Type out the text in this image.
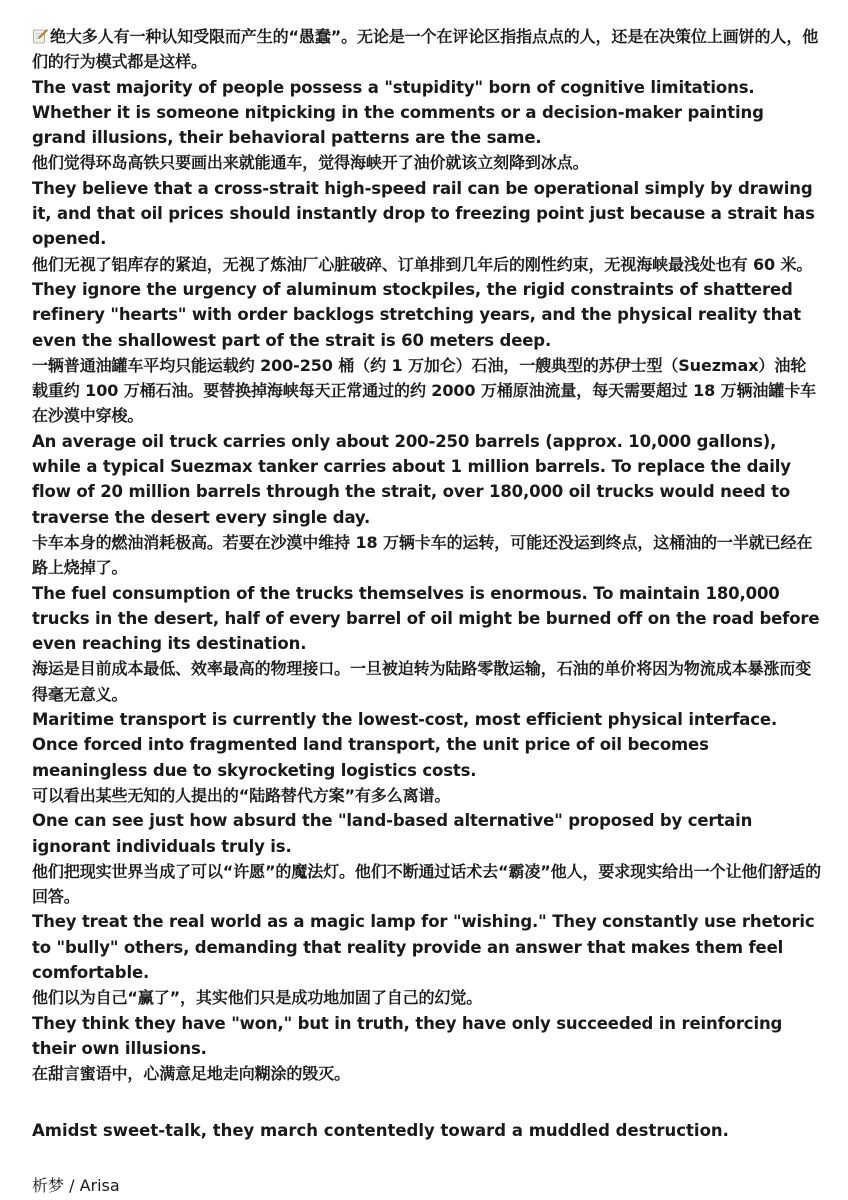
绝大多人有一种认知受限而产生的“愚蠢”。无论是一个在评论区指指点点的人，还是在决策位上画饼的人，他们的行为模式都是这样。

The vast majority of people possess a "stupidity" born of cognitive limitations. Whether it is someone nitpicking in the comments or a decision-maker painting grand illusions, their behavioral patterns are the same.

他们觉得环岛高铁只要画出来就能通车，觉得海峡开了油价就该立刻降到冰点。

They believe that a cross-strait high-speed rail can be operational simply by drawing it, and that oil prices should instantly drop to freezing point just because a strait has opened.

他们无视了铝库存的紧迫，无视了炼油厂心脏破碎、订单排到几年后的刚性约束，无视海峡最浅处也有 60 米。

They ignore the urgency of aluminum stockpiles, the rigid constraints of shattered refinery "hearts" with order backlogs stretching years, and the physical reality that even the shallowest part of the strait is 60 meters deep.

一辆普通油罐车平均只能运载约 200-250 桶（约 1 万加仑）石油，一艘典型的苏伊士型（Suezmax）油轮载重约 100 万桶石油。要替换掉海峡每天正常通过的约 2000 万桶原油流量，每天需要超过 18 万辆油罐卡车在沙漠中穿梭。

An average oil truck carries only about 200-250 barrels (approx. 10,000 gallons), while a typical Suezmax tanker carries about 1 million barrels. To replace the daily flow of 20 million barrels through the strait, over 180,000 oil trucks would need to traverse the desert every single day.

卡车本身的燃油消耗极高。若要在沙漠中维持 18 万辆卡车的运转，可能还没运到终点，这桶油的一半就已经在路上烧掉了。

The fuel consumption of the trucks themselves is enormous. To maintain 180,000 trucks in the desert, half of every barrel of oil might be burned off on the road before even reaching its destination.

海运是目前成本最低、效率最高的物理接口。一旦被迫转为陆路零散运输，石油的单价将因为物流成本暴涨而变得毫无意义。

Maritime transport is currently the lowest-cost, most efficient physical interface. Once forced into fragmented land transport, the unit price of oil becomes meaningless due to skyrocketing logistics costs.

可以看出某些无知的人提出的“陆路替代方案”有多么离谱。

One can see just how absurd the "land-based alternative" proposed by certain ignorant individuals truly is.

他们把现实世界当成了可以“许愿”的魔法灯。他们不断通过话术去“霸凌”他人，要求现实给出一个让他们舒适的回答。

They treat the real world as a magic lamp for "wishing." They constantly use rhetoric to "bully" others, demanding that reality provide an answer that makes them feel comfortable.

他们以为自己“赢了”，其实他们只是成功地加固了自己的幻觉。

They think they have "won," but in truth, they have only succeeded in reinforcing their own illusions.

在甜言蜜语中，心满意足地走向糊涂的毁灭。

Amidst sweet-talk, they march contentedly toward a muddled destruction.

析梦 / Arisa
